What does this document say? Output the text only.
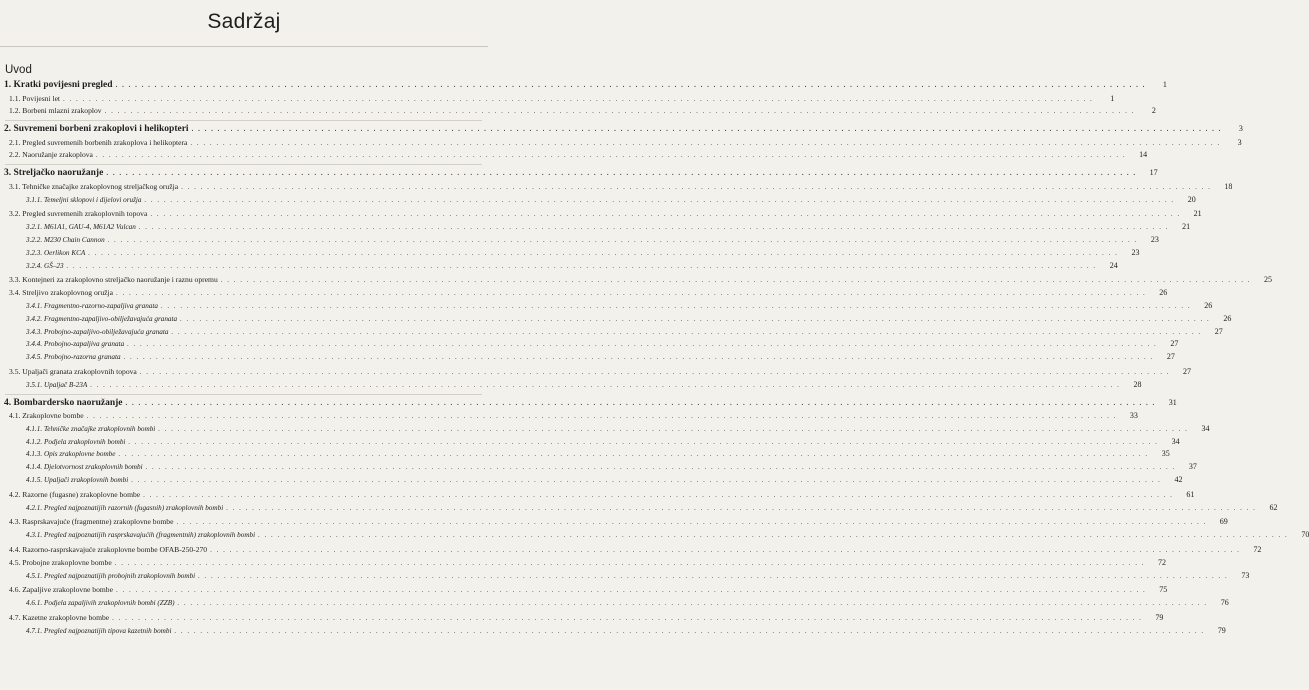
Sadržaj
Uvod
1. Kratki povijesni pregled . . .	1
1.1. Povijesni let . . .	1
1.2. Borbeni mlazni zrakoplov . . .	2
2. Suvremeni borbeni zrakoplovi i helikopteri . . .	3
2.1. Pregled suvremenih borbenih zrakoplova i helikoptera . . .	3
2.2. Naoružanje zrakoplova . . .	14
3. Streljačko naoružanje . . .	17
3.1. Tehničke značajke zrakoplovnog streljačkog oružja . . .	18
3.1.1. Temeljni sklopovi i dijelovi oružja . . .	20
3.2. Pregled suvremenih zrakoplovnih topova . . .	21
3.2.1. M61A1, GAU-4, M61A2 Vulcan . . .	21
3.2.2. M230 Chain Cannon . . .	23
3.2.3. Oerlikon KCA . . .	23
3.2.4. GŠ–23 . . .	24
3.3. Kontejneri za zrakoplovno streljačko naoružanje i raznu opremu . . .	25
3.4. Streljivo zrakoplovnog oružja . . .	26
3.4.1. Fragmentno-razorno-zapaljiva granata . . .	26
3.4.2. Fragmentno-zapaljivo-obilježavajuća granata . . .	26
3.4.3. Probojno-zapaljivo-obilježavajuća granata . . .	27
3.4.4. Probojno-zapaljiva granata . . .	27
3.4.5. Probojno-razorna granata . . .	27
3.5. Upaljači granata zrakoplovnih topova . . .	27
3.5.1. Upaljač B-23A . . .	28
4. Bombardersko naoružanje . . .	31
4.1. Zrakoplovne bombe . . .	33
4.1.1. Tehničke značajke zrakoplovnih bombi . . .	34
4.1.2. Podjela zrakoplovnih bombi . . .	34
4.1.3. Opis zrakoplovne bombe . . .	35
4.1.4. Djelotvornost zrakoplovnih bombi . . .	37
4.1.5. Upaljači zrakoplovnih bombi . . .	42
4.2. Razorne (fugasne) zrakoplovne bombe . . .	61
4.2.1. Pregled najpoznatijih razornih (fugasnih) zrakoplovnih bombi . . .	62
4.3. Rasprskavajuće (fragmentne) zrakoplovne bombe . . .	69
4.3.1. Pregled najpoznatijih rasprskavajućih (fragmentnih) zrakoplovnih bombi . . .	70
4.4. Razorno-rasprskavajuće zrakoplovne bombe OFAB-250-270 . . .	72
4.5. Probojne zrakoplovne bombe . . .	72
4.5.1. Pregled najpoznatijih probojnih zrakoplovnih bombi . . .	73
4.6. Zapaljive zrakoplovne bombe . . .	75
4.6.1. Podjela zapaljivih zrakoplovnih bombi (ZZB) . . .	76
4.7. Kazetne zrakoplovne bombe . . .	79
4.7.1. Pregled najpoznatijih tipova kazetnih bombi . . .	79
